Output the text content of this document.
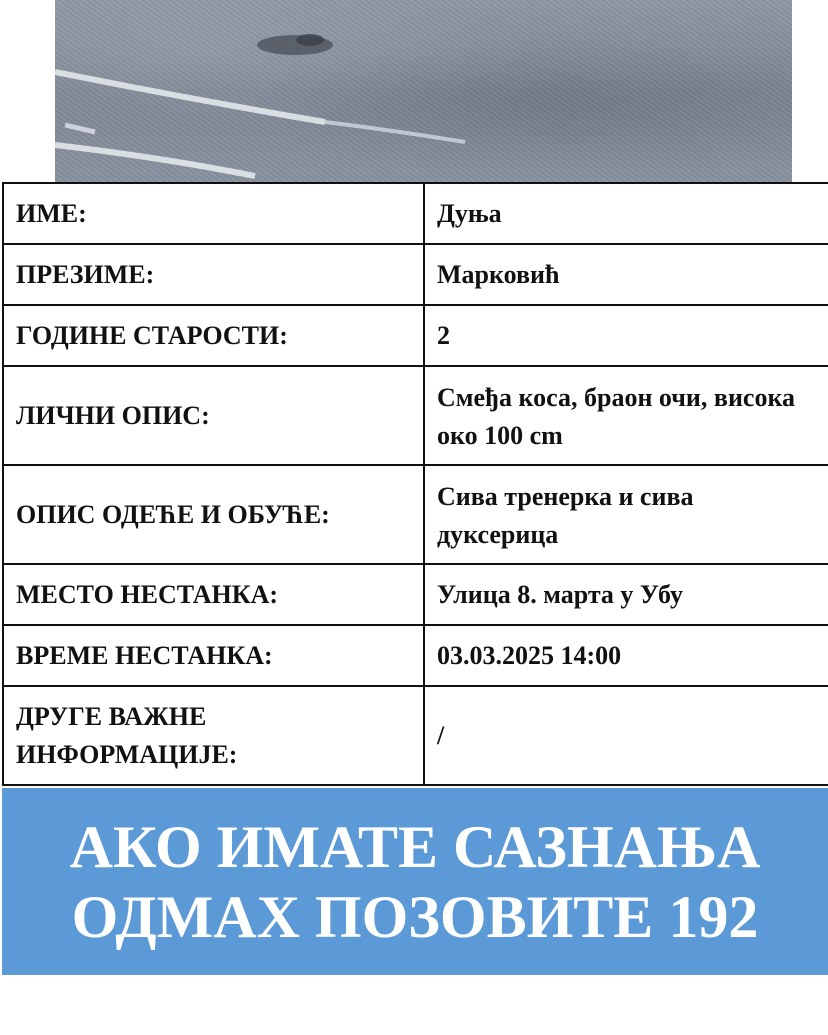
ИМЕ:	Дуња
ПРЕЗИМЕ:	Марковић
ГОДИНЕ СТАРОСТИ:	2
ЛИЧНИ ОПИС:	Смеђа коса, браон очи, висока око 100 cm
ОПИС ОДЕЋЕ И ОБУЋЕ:	Сива тренерка и сива дуксерица
МЕСТО НЕСТАНКА:	Улица 8. марта у Убу
ВРЕМЕ НЕСТАНКА:	03.03.2025 14:00
ДРУГЕ ВАЖНЕ ИНФОРМАЦИЈЕ:	/
АКО ИМАТЕ САЗНАЊА
ОДМАХ ПОЗОВИТЕ 192
